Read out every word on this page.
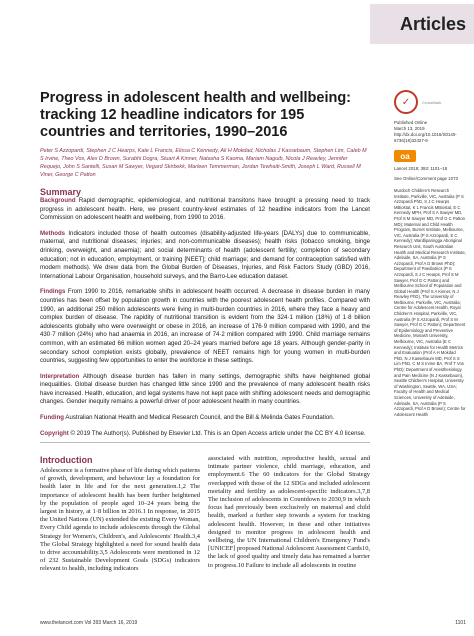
Articles
Progress in adolescent health and wellbeing: tracking 12 headline indicators for 195 countries and territories, 1990–2016
Peter S Azzopardi, Stephen J C Hearps, Kate L Francis, Elissa C Kennedy, Ali H Mokdad, Nicholas J Kassebaum, Stephen Lim, Caleb M S Irvine, Theo Vos, Alex D Brown, Surabhi Dogra, Stuart A Kinner, Natasha S Kaoma, Mariam Naguib, Nicola J Reavley, Jennifer Requejo, John S Santelli, Susan M Sawyer, Vegard Skirbekk, Marleen Temmerman, Jordan Tewhaiti-Smith, Joseph L Ward, Russell M Viner, George C Patton
Summary
Background Rapid demographic, epidemiological, and nutritional transitons have brought a pressing need to track progress in adolescent health. Here, we present country-level estimates of 12 headline indicators from the Lancet Commission on adolescent health and wellbeing, from 1990 to 2016.
Methods Indicators included those of health outcomes (disability-adjusted life-years [DALYs] due to communicable, maternal, and nutritional diseases; injuries; and non-communicable diseases); health risks (tobacco smoking, binge drinking, overweight, and anaemia); and social determinants of health (adolescent fertility; completion of secondary education; not in education, employment, or training [NEET]; child marriage; and demand for contraception satisfied with modern methods). We drew data from the Global Burden of Diseases, Injuries, and Risk Factors Study (GBD) 2016, International Labour Organisation, household surveys, and the Barro-Lee education dataset.
Findings From 1990 to 2016, remarkable shifts in adolescent health occurred. A decrease in disease burden in many countries has been offset by population growth in countries with the poorest adolescent health profiles. Compared with 1990, an additional 250 million adolescents were living in multi-burden countries in 2016, where they face a heavy and complex burden of disease. The rapidity of nutritional transition is evident from the 324·1 million (18%) of 1·8 billion adolescents globally who were overweight or obese in 2016, an increase of 176·9 million compared with 1990, and the 430·7 million (24%) who had anaemia in 2016, an increase of 74·2 million compared with 1990. Child marriage remains common, with an estimated 66 million women aged 20–24 years married before age 18 years. Although gender-parity in secondary school completion exists globally, prevalence of NEET remains high for young women in multi-burden countries, suggesting few opportunities to enter the workforce in these settings.
Interpretation Although disease burden has fallen in many settings, demographic shifts have heightened global inequalities. Global disease burden has changed little since 1990 and the prevalence of many adolescent health risks have increased. Health, education, and legal systems have not kept pace with shifting adolescent needs and demographic changes. Gender inequity remains a powerful driver of poor adolescent health in many countries.
Funding Australian National Health and Medical Research Council, and the Bill & Melinda Gates Foundation.
Copyright © 2019 The Author(s). Published by Elsevier Ltd. This is an Open Access article under the CC BY 4.0 license.
Introduction
Adolescence is a formative phase of life during which patterns of growth, development, and behaviour lay a foundation for health later in life and for the next generation.1,2 The importance of adolescent health has been further heightened by the population of people aged 10–24 years being the largest in history, at 1·8 billion in 2016.1 In response, in 2015 the United Nations (UN) extended the existing Every Woman, Every Child agenda to include adolescents through the Global Strategy for Women's, Children's, and Adolescents' Health.3,4 The Global Strategy highlighted a need for sound health data to drive accountability.3,5 Adolescents were mentioned in 12 of 232 Sustainable Development Goals (SDGs) indicators relevant to health, including indicators
associated with nutrition, reproductive health, sexual and intimate partner violence, child marriage, education, and employment.6 The 60 indicators for the Global Strategy overlapped with those of the 12 SDGs and included adolescent mortality and fertility as adolescent-specific indicators.3,7,8 The inclusion of adolescents in Countdown to 2030,9 in which focus had previously been exclusively on maternal and child health, marked a further step towards a system for tracking adolescent health. However, in these and other initiatives designed to monitor progress in adolescent health and wellbeing, the UN International Children's Emergency Fund's [UNICEF] proposed National Adolescent Assessment Cards10, the lack of good quality and timely data has remained a barrier to progress.10 Failure to include all adolescents in routine
✓	CrossMark
Published Online
March 13, 2019
http://dx.doi.org/10.1016/S0140-6736(18)32427-9
oa
Lancet 2019; 393: 1101–18
See Online/Comment page 1073
Murdoch Children's Research Institute, Parkville, VIC, Australia (P S Azzopardi PhD, S J C Hearps MBiostat, K L Francis MBiostat, E C Kennedy MPH, Prof S A Sawyer MD, Prof S M Sawyer MD, Prof G C Patton MD); Maternal and Child Health Program, Burnet Institute, Melbourne, VIC, Australia (P S Azzopardi, E C Kennedy); Wardliparingga Aboriginal Research Unit, South Australian Health and Medical Research Institute, Adelaide, SA, Australia (P S Azzopardi, Prof A D Brown PhD); Department of Paediatrics (P S Azzopardi, S J C Hearps, Prof S M Sawyer, Prof G C Patton) and Melbourne School of Population and Global Health (Prof S A Kinner, N J Reavley PhD), The University of Melbourne, Parkville, VIC, Australia; Centre for Adolescent Health, Royal Children's Hospital, Parkville, VIC, Australia (P S Azzopardi, Prof S M Sawyer, Prof G C Patton); Department of Epidemiology and Preventive Medicine, Monash University, Melbourne, VIC, Australia (E C Kennedy); Institute for Health Metrics and Evaluation (Prof A H Mokdad PhD, N J Kassebaum MD, Prof S S Lim PhD, C M S Irvine BA, Prof T Vos PhD); Department of Anesthesiology and Pain Medicine (N J Kassebaum), Seattle Children's Hospital, University of Washington, Seattle, WA, USA; Faculty of Health and Medical Sciences, University of Adelaide, Adelaide, SA, Australia (P S Azzopardi, Prof A D Brown); Centre for Adolescent Health
www.thelancet.com Vol 393 March 16, 2019	1101
